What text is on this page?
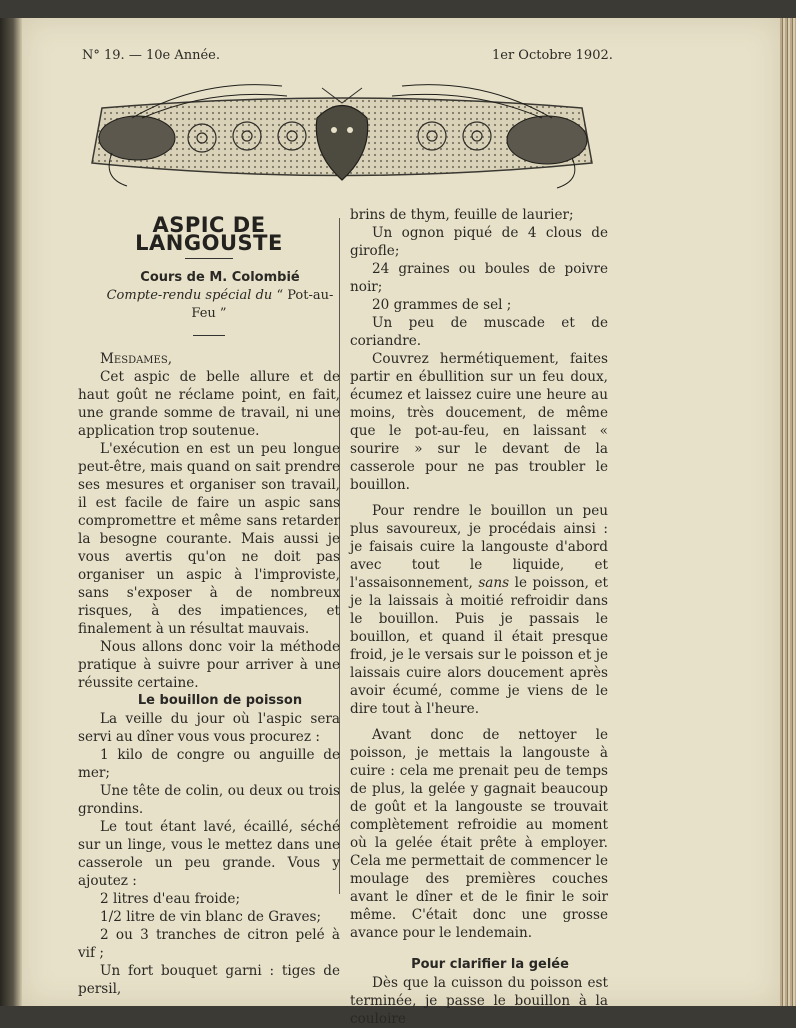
N° 19. — 10e Année.	1er Octobre 1902.
ASPIC DE LANGOUSTE

Cours de M. Colombié

Compte-rendu spécial du “ Pot-au-Feu ”

Mesdames,

Cet aspic de belle allure et de haut goût ne réclame point, en fait, une grande somme de travail, ni une application trop soutenue.

L'exécution en est un peu longue peut-être, mais quand on sait prendre ses mesures et organiser son travail, il est facile de faire un aspic sans compromettre et même sans retarder la besogne courante. Mais aussi je vous avertis qu'on ne doit pas organiser un aspic à l'improviste, sans s'exposer à de nombreux risques, à des impatiences, et finalement à un résultat mauvais.

Nous allons donc voir la méthode pratique à suivre pour arriver à une réussite certaine.

Le bouillon de poisson

La veille du jour où l'aspic sera servi au dîner vous vous procurez :

1 kilo de congre ou anguille de mer;

Une tête de colin, ou deux ou trois grondins.

Le tout étant lavé, écaillé, séché sur un linge, vous le mettez dans une casserole un peu grande. Vous y ajoutez :

2 litres d'eau froide;

1/2 litre de vin blanc de Graves;

2 ou 3 tranches de citron pelé à vif ;

Un fort bouquet garni : tiges de persil,

brins de thym, feuille de laurier;

Un ognon piqué de 4 clous de girofle;

24 graines ou boules de poivre noir;

20 grammes de sel ;

Un peu de muscade et de coriandre.

Couvrez hermétiquement, faites partir en ébullition sur un feu doux, écumez et laissez cuire une heure au moins, très doucement, de même que le pot-au-feu, en laissant « sourire » sur le devant de la casserole pour ne pas troubler le bouillon.

Pour rendre le bouillon un peu plus savoureux, je procédais ainsi : je faisais cuire la langouste d'abord avec tout le liquide, et l'assaisonnement, sans le poisson, et je la laissais à moitié refroidir dans le bouillon. Puis je passais le bouillon, et quand il était presque froid, je le versais sur le poisson et je laissais cuire alors doucement après avoir écumé, comme je viens de le dire tout à l'heure.

Avant donc de nettoyer le poisson, je mettais la langouste à cuire : cela me prenait peu de temps de plus, la gelée y gagnait beaucoup de goût et la langouste se trouvait complètement refroidie au moment où la gelée était prête à employer. Cela me permettait de commencer le moulage des premières couches avant le dîner et de le finir le soir même. C'était donc une grosse avance pour le lendemain.

Pour clarifier la gelée

Dès que la cuisson du poisson est terminée, je passe le bouillon à la couloire
